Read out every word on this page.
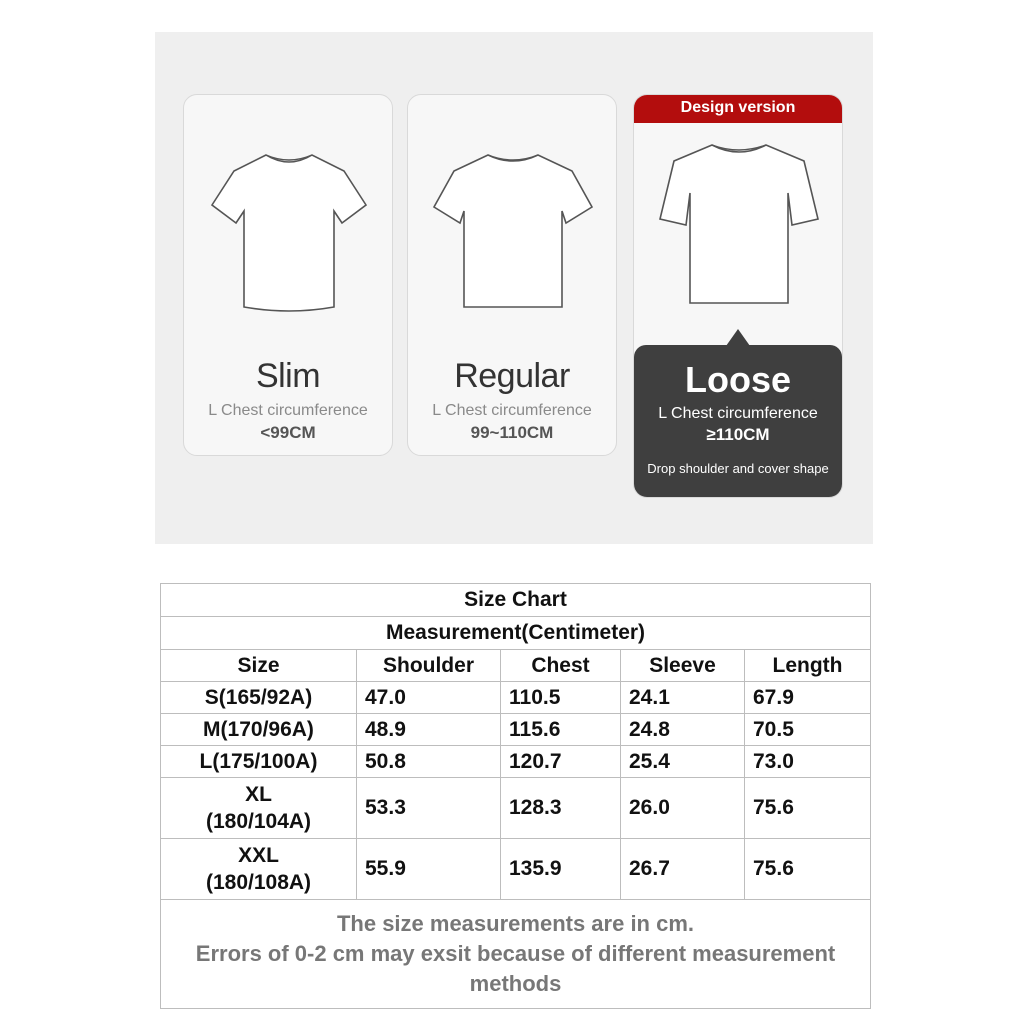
Slim
L Chest circumference
<99CM
Regular
L Chest circumference
99~110CM
Design version
Loose
L Chest circumference
≥110CM
Drop shoulder and cover shape
Size Chart				
Measurement(Centimeter)				
Size	Shoulder	Chest	Sleeve	Length
S(165/92A)	47.0	110.5	24.1	67.9
M(170/96A)	48.9	115.6	24.8	70.5
L(175/100A)	50.8	120.7	25.4	73.0
XL
(180/104A)	53.3	128.3	26.0	75.6
XXL
(180/108A)	55.9	135.9	26.7	75.6

The size measurements are in cm.
Errors of 0-2 cm may exsit because of different measurement methods				
